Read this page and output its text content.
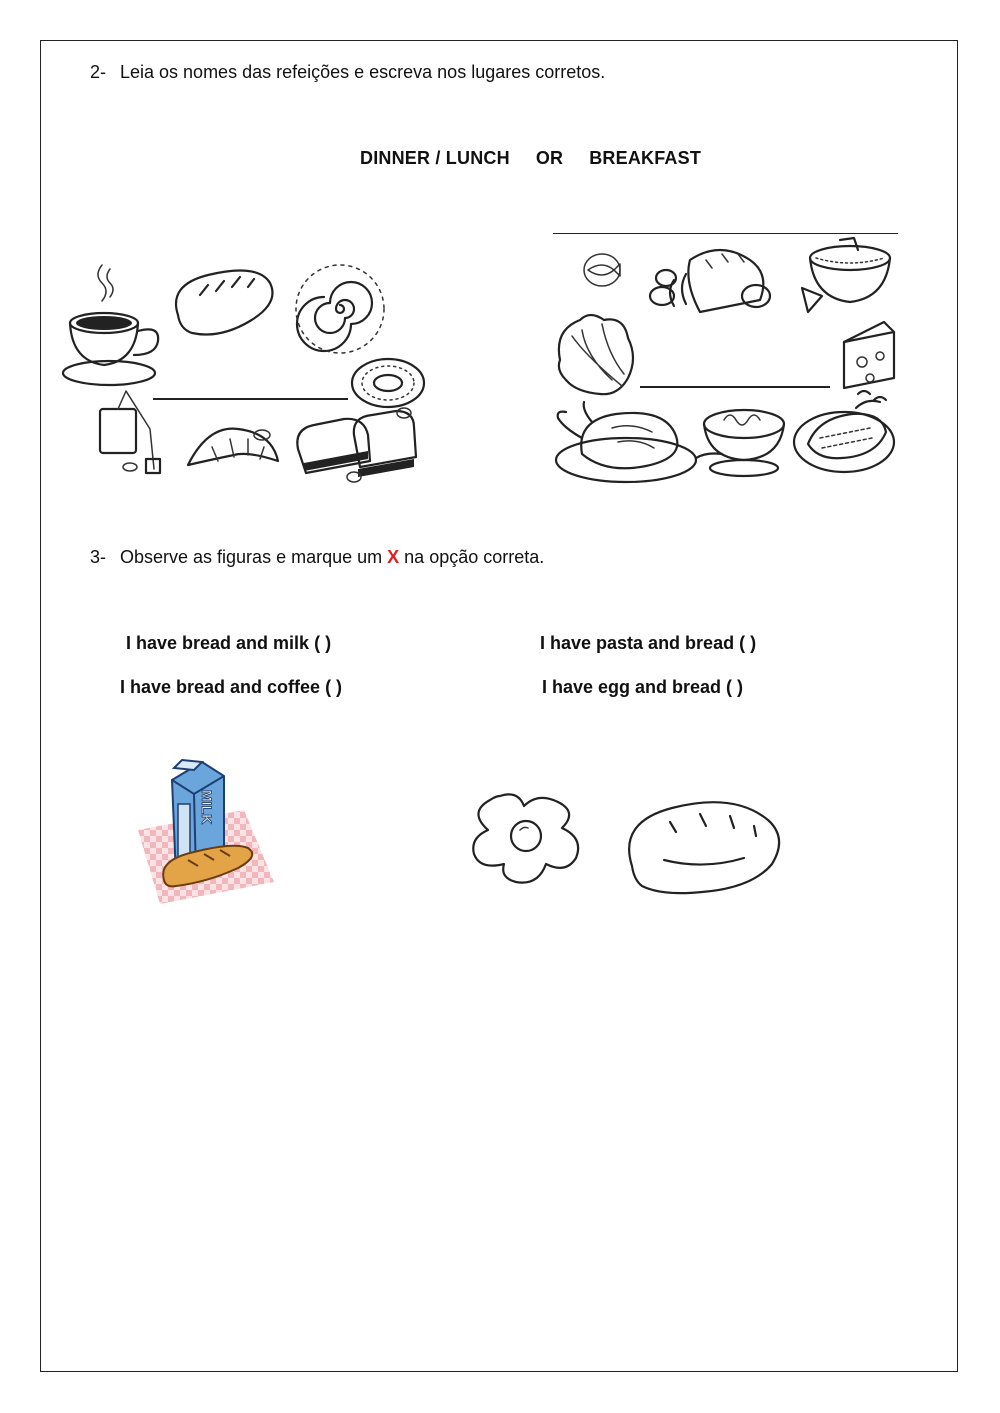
2- Leia os nomes das refeições e escreva nos lugares corretos.
DINNER / LUNCH OR BREAKFAST
3- Observe as figuras e marque um X na opção correta.
I have bread and milk ( )
I have bread and coffee ( )
I have pasta and bread ( )
I have egg and bread ( )
MILK
